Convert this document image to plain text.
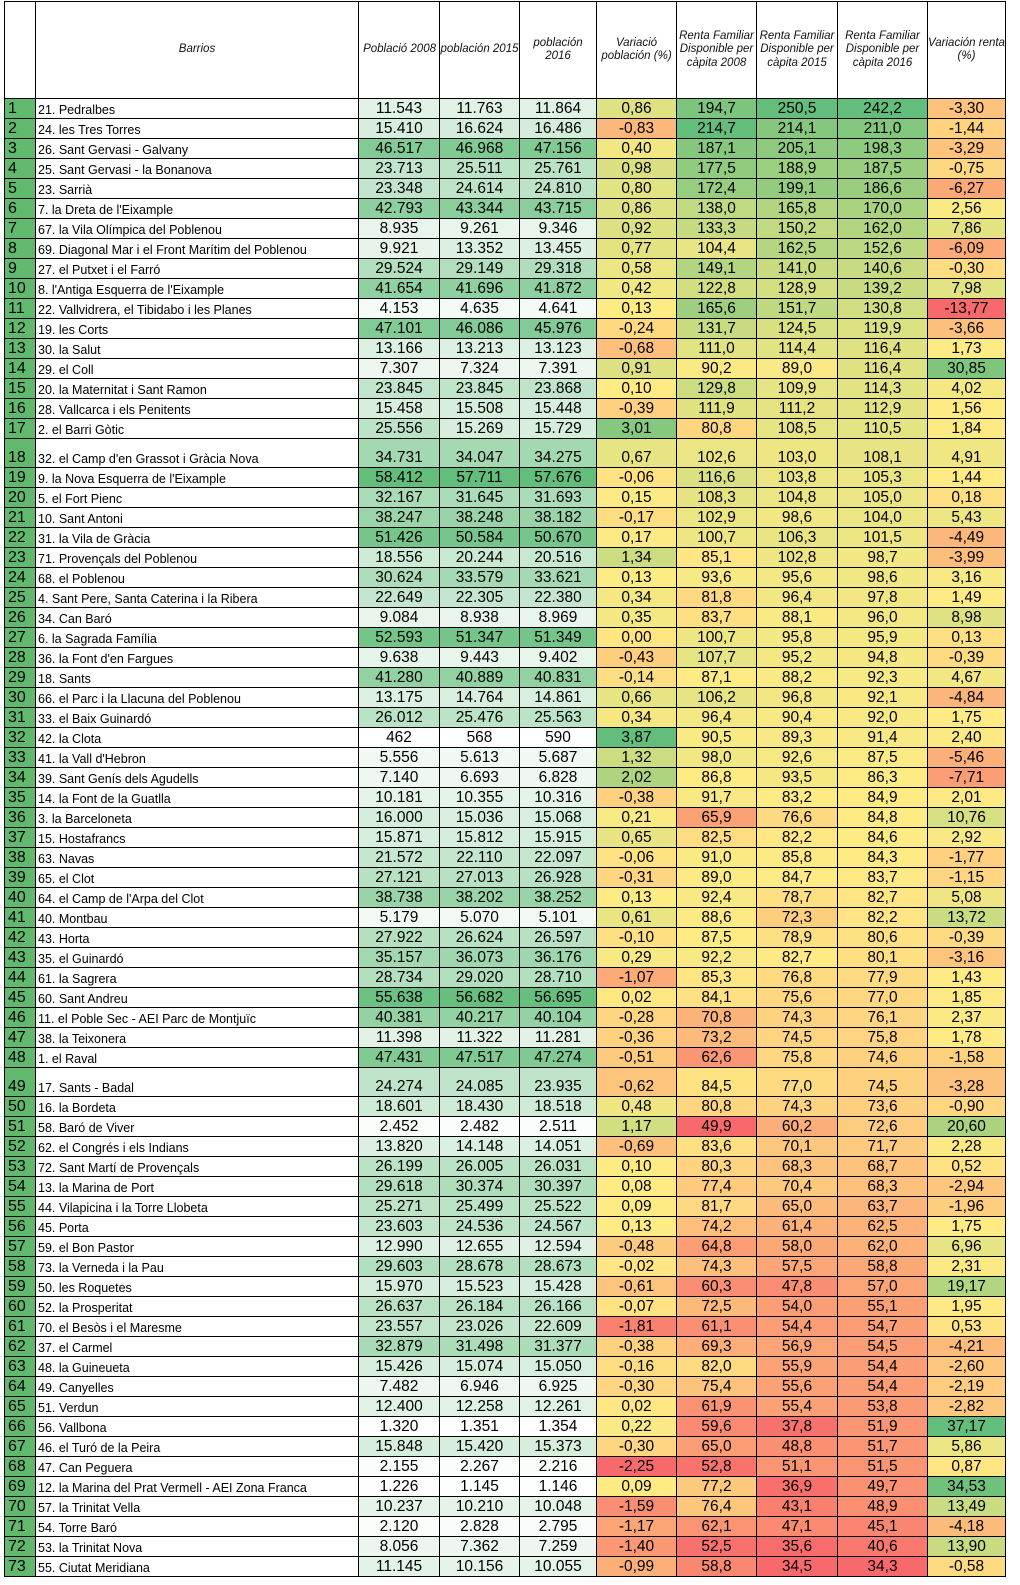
	Barrios	Població 2008	población 2015	población 2016	Variació población (%)	Renta Familiar Disponible per càpita 2008	Renta Familiar Disponible per càpita 2015	Renta Familiar Disponible per càpita 2016	Variación renta (%)
1	21. Pedralbes	11.543	11.763	11.864	0,86	194,7	250,5	242,2	-3,30
2	24. les Tres Torres	15.410	16.624	16.486	-0,83	214,7	214,1	211,0	-1,44
3	26. Sant Gervasi - Galvany	46.517	46.968	47.156	0,40	187,1	205,1	198,3	-3,29
4	25. Sant Gervasi - la Bonanova	23.713	25.511	25.761	0,98	177,5	188,9	187,5	-0,75
5	23. Sarrià	23.348	24.614	24.810	0,80	172,4	199,1	186,6	-6,27
6	7. la Dreta de l'Eixample	42.793	43.344	43.715	0,86	138,0	165,8	170,0	2,56
7	67. la Vila Olímpica del Poblenou	8.935	9.261	9.346	0,92	133,3	150,2	162,0	7,86
8	69. Diagonal Mar i el Front Marítim del Poblenou	9.921	13.352	13.455	0,77	104,4	162,5	152,6	-6,09
9	27. el Putxet i el Farró	29.524	29.149	29.318	0,58	149,1	141,0	140,6	-0,30
10	8. l'Antiga Esquerra de l'Eixample	41.654	41.696	41.872	0,42	122,8	128,9	139,2	7,98
11	22. Vallvidrera, el Tibidabo i les Planes	4.153	4.635	4.641	0,13	165,6	151,7	130,8	-13,77
12	19. les Corts	47.101	46.086	45.976	-0,24	131,7	124,5	119,9	-3,66
13	30. la Salut	13.166	13.213	13.123	-0,68	111,0	114,4	116,4	1,73
14	29. el Coll	7.307	7.324	7.391	0,91	90,2	89,0	116,4	30,85
15	20. la Maternitat i Sant Ramon	23.845	23.845	23.868	0,10	129,8	109,9	114,3	4,02
16	28. Vallcarca i els Penitents	15.458	15.508	15.448	-0,39	111,9	111,2	112,9	1,56
17	2. el Barri Gòtic	25.556	15.269	15.729	3,01	80,8	108,5	110,5	1,84
18	32. el Camp d'en Grassot i Gràcia Nova	34.731	34.047	34.275	0,67	102,6	103,0	108,1	4,91
19	9. la Nova Esquerra de l'Eixample	58.412	57.711	57.676	-0,06	116,6	103,8	105,3	1,44
20	5. el Fort Pienc	32.167	31.645	31.693	0,15	108,3	104,8	105,0	0,18
21	10. Sant Antoni	38.247	38.248	38.182	-0,17	102,9	98,6	104,0	5,43
22	31. la Vila de Gràcia	51.426	50.584	50.670	0,17	100,7	106,3	101,5	-4,49
23	71. Provençals del Poblenou	18.556	20.244	20.516	1,34	85,1	102,8	98,7	-3,99
24	68. el Poblenou	30.624	33.579	33.621	0,13	93,6	95,6	98,6	3,16
25	4. Sant Pere, Santa Caterina i la Ribera	22.649	22.305	22.380	0,34	81,8	96,4	97,8	1,49
26	34. Can Baró	9.084	8.938	8.969	0,35	83,7	88,1	96,0	8,98
27	6. la Sagrada Família	52.593	51.347	51.349	0,00	100,7	95,8	95,9	0,13
28	36. la Font d'en Fargues	9.638	9.443	9.402	-0,43	107,7	95,2	94,8	-0,39
29	18. Sants	41.280	40.889	40.831	-0,14	87,1	88,2	92,3	4,67
30	66. el Parc i la Llacuna del Poblenou	13.175	14.764	14.861	0,66	106,2	96,8	92,1	-4,84
31	33. el Baix Guinardó	26.012	25.476	25.563	0,34	96,4	90,4	92,0	1,75
32	42. la Clota	462	568	590	3,87	90,5	89,3	91,4	2,40
33	41. la Vall d'Hebron	5.556	5.613	5.687	1,32	98,0	92,6	87,5	-5,46
34	39. Sant Genís dels Agudells	7.140	6.693	6.828	2,02	86,8	93,5	86,3	-7,71
35	14. la Font de la Guatlla	10.181	10.355	10.316	-0,38	91,7	83,2	84,9	2,01
36	3. la Barceloneta	16.000	15.036	15.068	0,21	65,9	76,6	84,8	10,76
37	15. Hostafrancs	15.871	15.812	15.915	0,65	82,5	82,2	84,6	2,92
38	63. Navas	21.572	22.110	22.097	-0,06	91,0	85,8	84,3	-1,77
39	65. el Clot	27.121	27.013	26.928	-0,31	89,0	84,7	83,7	-1,15
40	64. el Camp de l'Arpa del Clot	38.738	38.202	38.252	0,13	92,4	78,7	82,7	5,08
41	40. Montbau	5.179	5.070	5.101	0,61	88,6	72,3	82,2	13,72
42	43. Horta	27.922	26.624	26.597	-0,10	87,5	78,9	80,6	-0,39
43	35. el Guinardó	35.157	36.073	36.176	0,29	92,2	82,7	80,1	-3,16
44	61. la Sagrera	28.734	29.020	28.710	-1,07	85,3	76,8	77,9	1,43
45	60. Sant Andreu	55.638	56.682	56.695	0,02	84,1	75,6	77,0	1,85
46	11. el Poble Sec - AEI Parc de Montjuïc	40.381	40.217	40.104	-0,28	70,8	74,3	76,1	2,37
47	38. la Teixonera	11.398	11.322	11.281	-0,36	73,2	74,5	75,8	1,78
48	1. el Raval	47.431	47.517	47.274	-0,51	62,6	75,8	74,6	-1,58
49	17. Sants - Badal	24.274	24.085	23.935	-0,62	84,5	77,0	74,5	-3,28
50	16. la Bordeta	18.601	18.430	18.518	0,48	80,8	74,3	73,6	-0,90
51	58. Baró de Viver	2.452	2.482	2.511	1,17	49,9	60,2	72,6	20,60
52	62. el Congrés i els Indians	13.820	14.148	14.051	-0,69	83,6	70,1	71,7	2,28
53	72. Sant Martí de Provençals	26.199	26.005	26.031	0,10	80,3	68,3	68,7	0,52
54	13. la Marina de Port	29.618	30.374	30.397	0,08	77,4	70,4	68,3	-2,94
55	44. Vilapicina i la Torre Llobeta	25.271	25.499	25.522	0,09	81,7	65,0	63,7	-1,96
56	45. Porta	23.603	24.536	24.567	0,13	74,2	61,4	62,5	1,75
57	59. el Bon Pastor	12.990	12.655	12.594	-0,48	64,8	58,0	62,0	6,96
58	73. la Verneda i la Pau	29.603	28.678	28.673	-0,02	74,3	57,5	58,8	2,31
59	50. les Roquetes	15.970	15.523	15.428	-0,61	60,3	47,8	57,0	19,17
60	52. la Prosperitat	26.637	26.184	26.166	-0,07	72,5	54,0	55,1	1,95
61	70. el Besòs i el Maresme	23.557	23.026	22.609	-1,81	61,1	54,4	54,7	0,53
62	37. el Carmel	32.879	31.498	31.377	-0,38	69,3	56,9	54,5	-4,21
63	48. la Guineueta	15.426	15.074	15.050	-0,16	82,0	55,9	54,4	-2,60
64	49. Canyelles	7.482	6.946	6.925	-0,30	75,4	55,6	54,4	-2,19
65	51. Verdun	12.400	12.258	12.261	0,02	61,9	55,4	53,8	-2,82
66	56. Vallbona	1.320	1.351	1.354	0,22	59,6	37,8	51,9	37,17
67	46. el Turó de la Peira	15.848	15.420	15.373	-0,30	65,0	48,8	51,7	5,86
68	47. Can Peguera	2.155	2.267	2.216	-2,25	52,8	51,1	51,5	0,87
69	12. la Marina del Prat Vermell - AEI Zona Franca	1.226	1.145	1.146	0,09	77,2	36,9	49,7	34,53
70	57. la Trinitat Vella	10.237	10.210	10.048	-1,59	76,4	43,1	48,9	13,49
71	54. Torre Baró	2.120	2.828	2.795	-1,17	62,1	47,1	45,1	-4,18
72	53. la Trinitat Nova	8.056	7.362	7.259	-1,40	52,5	35,6	40,6	13,90
73	55. Ciutat Meridiana	11.145	10.156	10.055	-0,99	58,8	34,5	34,3	-0,58
